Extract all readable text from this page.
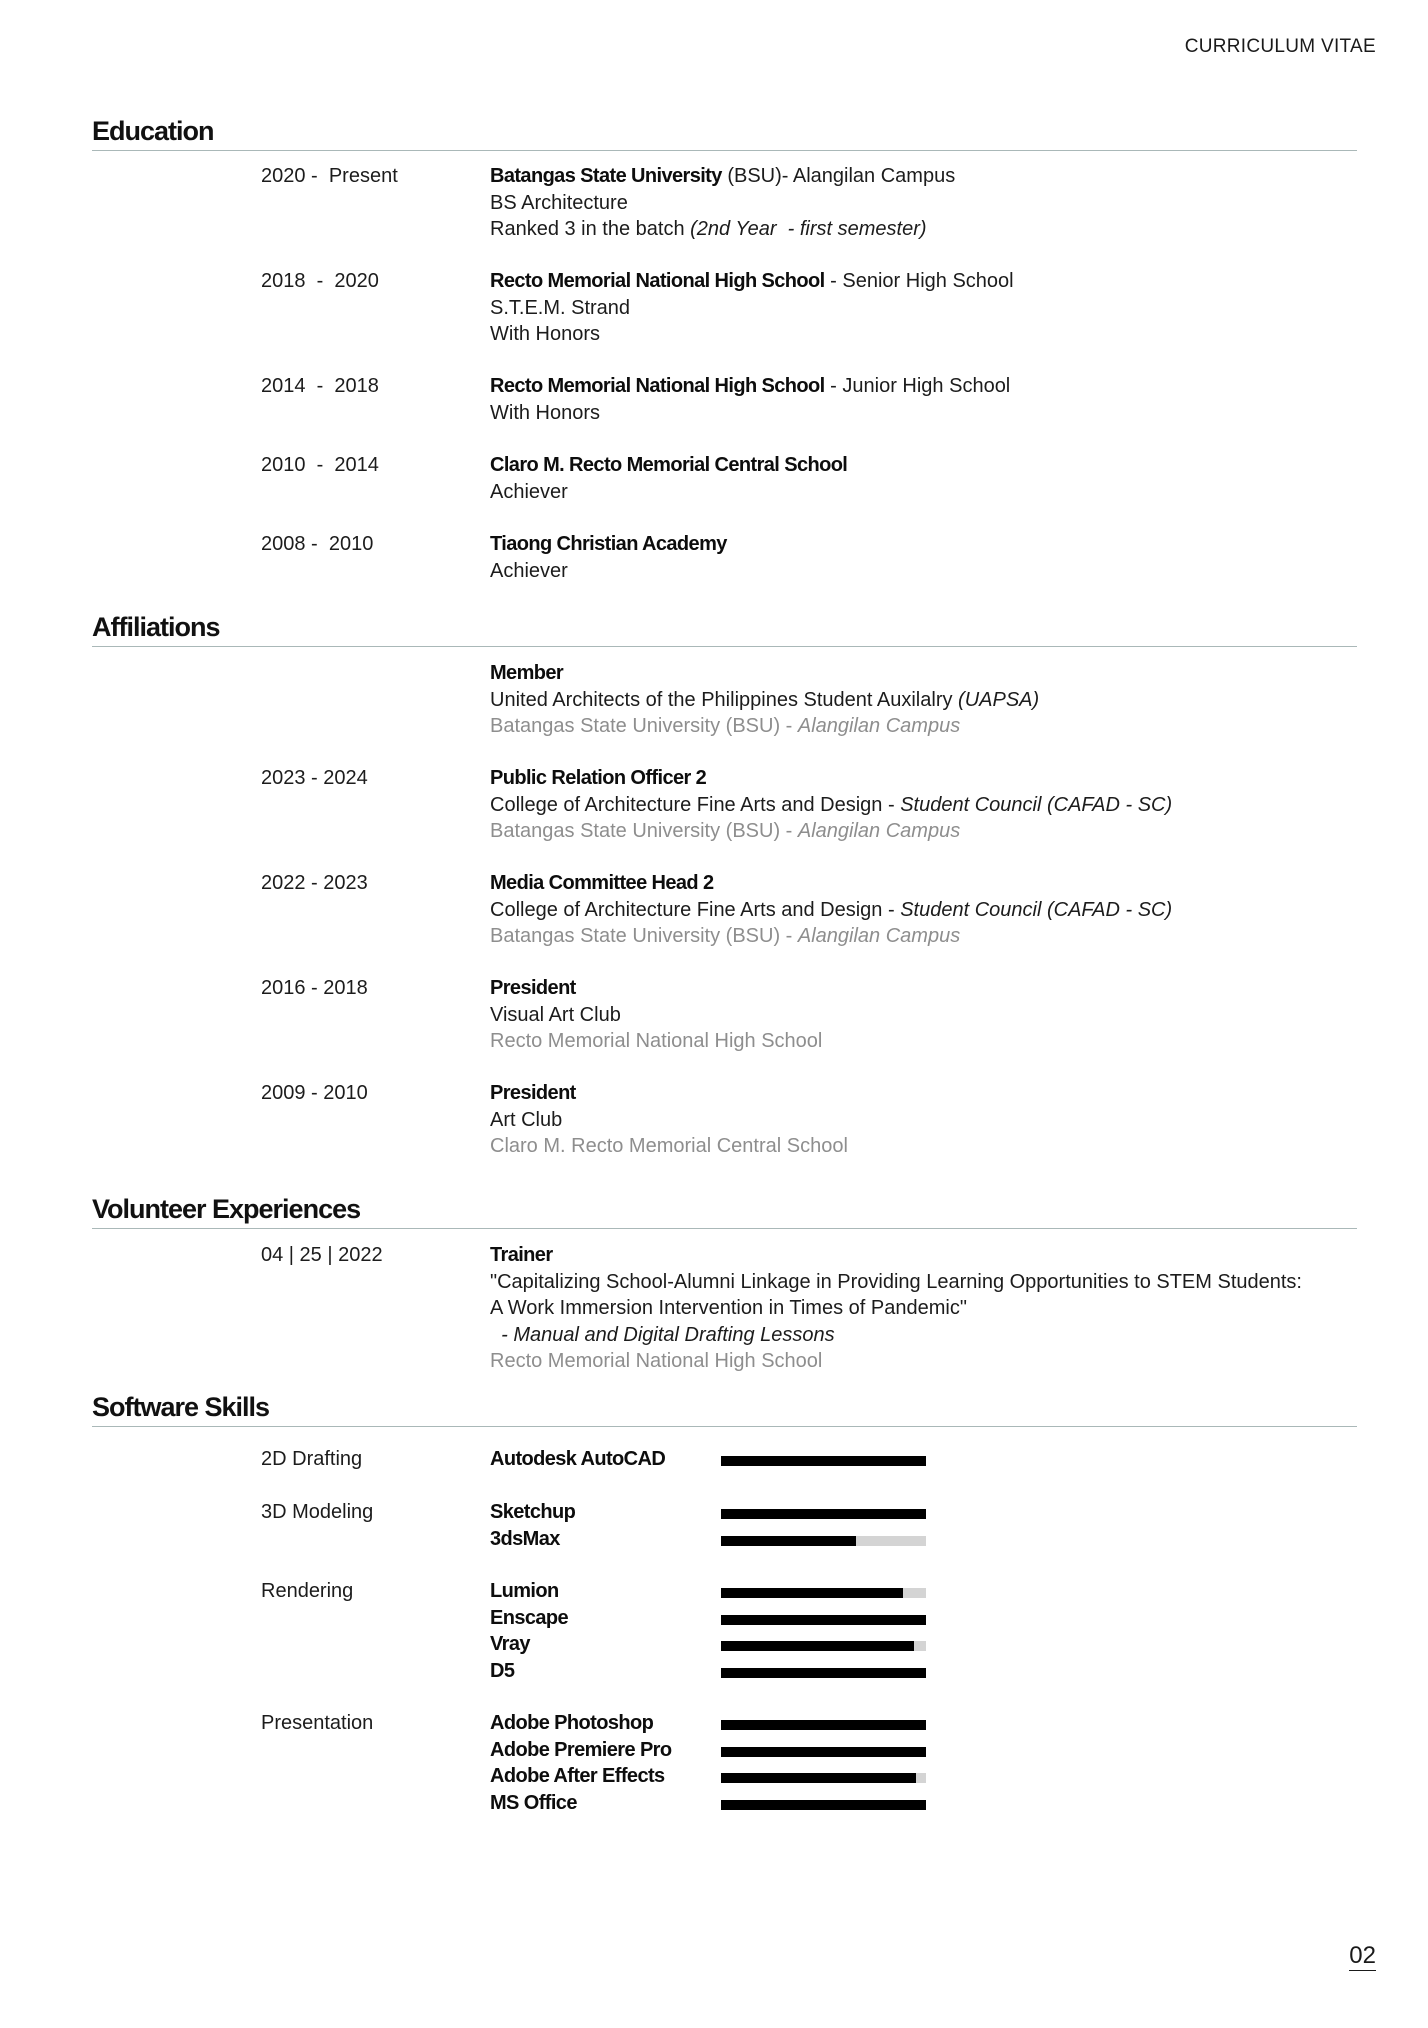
CURRICULUM VITAE
Education
2020 -  Present	Batangas State University (BSU)- Alangilan Campus
BS Architecture
Ranked 3 in the batch (2nd Year  - first semester)
2018  -  2020	Recto Memorial National High School - Senior High School
S.T.E.M. Strand
With Honors
2014  -  2018	Recto Memorial National High School - Junior High School
With Honors
2010  -  2014	Claro M. Recto Memorial Central School
Achiever
2008 -  2010	Tiaong Christian Academy
Achiever
Affiliations
Member
United Architects of the Philippines Student Auxilalry (UAPSA)
Batangas State University (BSU) - Alangilan Campus
2023 - 2024	Public Relation Officer 2
College of Architecture Fine Arts and Design - Student Council (CAFAD - SC)
Batangas State University (BSU) - Alangilan Campus
2022 - 2023	Media Committee Head 2
College of Architecture Fine Arts and Design - Student Council (CAFAD - SC)
Batangas State University (BSU) - Alangilan Campus
2016 - 2018	President
Visual Art Club
Recto Memorial National High School
2009 - 2010	President
Art Club
Claro M. Recto Memorial Central School
Volunteer Experiences
04 | 25 | 2022	Trainer
"Capitalizing School-Alumni Linkage in Providing Learning Opportunities to STEM Students:
A Work Immersion Intervention in Times of Pandemic"
- Manual and Digital Drafting Lessons
Recto Memorial National High School
Software Skills
2D Drafting	Autodesk AutoCAD
3D Modeling	Sketchup
3dsMax
Rendering	Lumion
Enscape
Vray
D5
Presentation	Adobe Photoshop
Adobe Premiere Pro
Adobe After Effects
MS Office
02
